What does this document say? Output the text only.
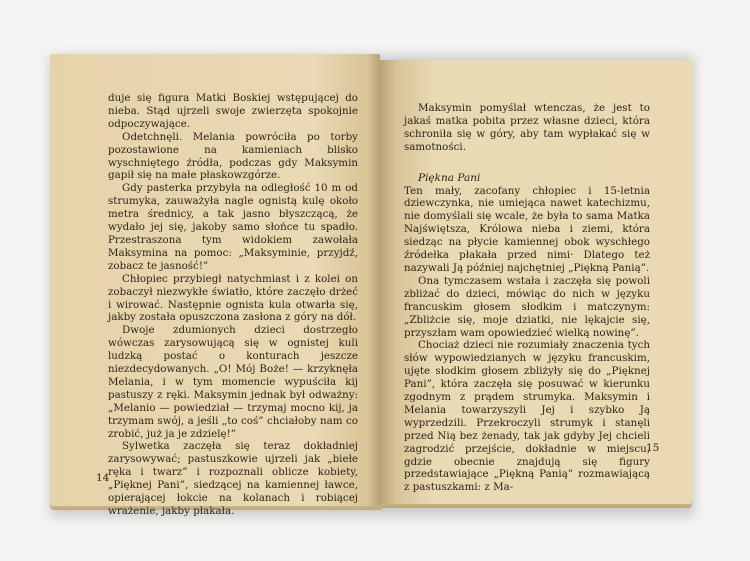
duje się figura Matki Boskiej wstępującej do nieba. Stąd ujrzeli swoje zwierzęta spokojnie odpoczywające.

Odetchnęli. Melania powróciła po torby pozostawione na kamieniach blisko wyschniętego źródła, podczas gdy Maksymin gapił się na małe płaskowzgórze.

Gdy pasterka przybyła na odległość 10 m od strumyka, zauważyła nagle ognistą kulę około metra średnicy, a tak jasno błyszczącą, że wydało jej się, jakoby samo słońce tu spadło. Przestraszona tym widokiem zawołała Maksymina na pomoc: „Maksyminie, przyjdź, zobacz te jasność!”

Chłopiec przybiegł natychmiast i z kolei on zobaczył niezwykłe światło, które zaczęło drżeć i wirować. Następnie ognista kula otwarła się, jakby została opuszczona zasłona z góry na dół.

Dwoje zdumionych dzieci dostrzegło wówczas zarysowującą się w ognistej kuli ludzką postać o konturach jeszcze niezdecydowanych. „O! Mój Boże! — krzyknęła Melania, i w tym momencie wypuściła kij pastuszy z ręki. Maksymin jednak był odważny: „Melanio — powiedział — trzymaj mocno kij, ja trzymam swój, a jeśli „to coś” chciałoby nam co zrobić, już ja je zdzielę!”

Sylwetka zaczęła się teraz dokładniej zarysowywać; pastuszkowie ujrzeli jak „biełe ręka i twarz” i rozpoznali oblicze kobiety, „Pięknej Pani”, siedzącej na kamiennej ławce, opierającej łokcie na kolanach i robiącej wrażenie, jakby płakała.

14

Maksymin pomyślał wtenczas, że jest to jakaś matka pobita przez własne dzieci, która schroniła się w góry, aby tam wypłakać się w samotności.

Piękna Pani

Ten mały, zacofany chłopiec i 15-letnia dziewczynka, nie umiejąca nawet katechizmu, nie domyślali się wcale, że była to sama Matka Najświętsza, Królowa nieba i ziemi, która siedząc na płycie kamiennej obok wyschłego źródełka płakała przed nimi· Dlatego też nazywali Ją później najchętniej „Piękną Panią”.

Ona tymczasem wstała i zaczęła się powoli zbliżać do dzieci, mówiąc do nich w języku francuskim głosem słodkim i matczynym: „Zbliżcie się, moje dziatki, nie lękajcie się, przyszłam wam opowiedzieć wielką nowinę”.

Chociaż dzieci nie rozumiały znaczenia tych słów wypowiedzianych w języku francuskim, ujęte słodkim głosem zbliżyły się do „Pięknej Pani”, która zaczęła się posuwać w kierunku zgodnym z prądem strumyka. Maksymin i Melania towarzyszyli Jej i szybko Ją wyprzedzili. Przekroczyli strumyk i stanęli przed Nią bez żenady, tak jak gdyby Jej chcieli zagrodzić przejście, dokładnie w miejscu, gdzie obecnie znajdują się figury przedstawiające „Piękną Panią” rozmawiającą z pastuszkami: z Ma-

15
